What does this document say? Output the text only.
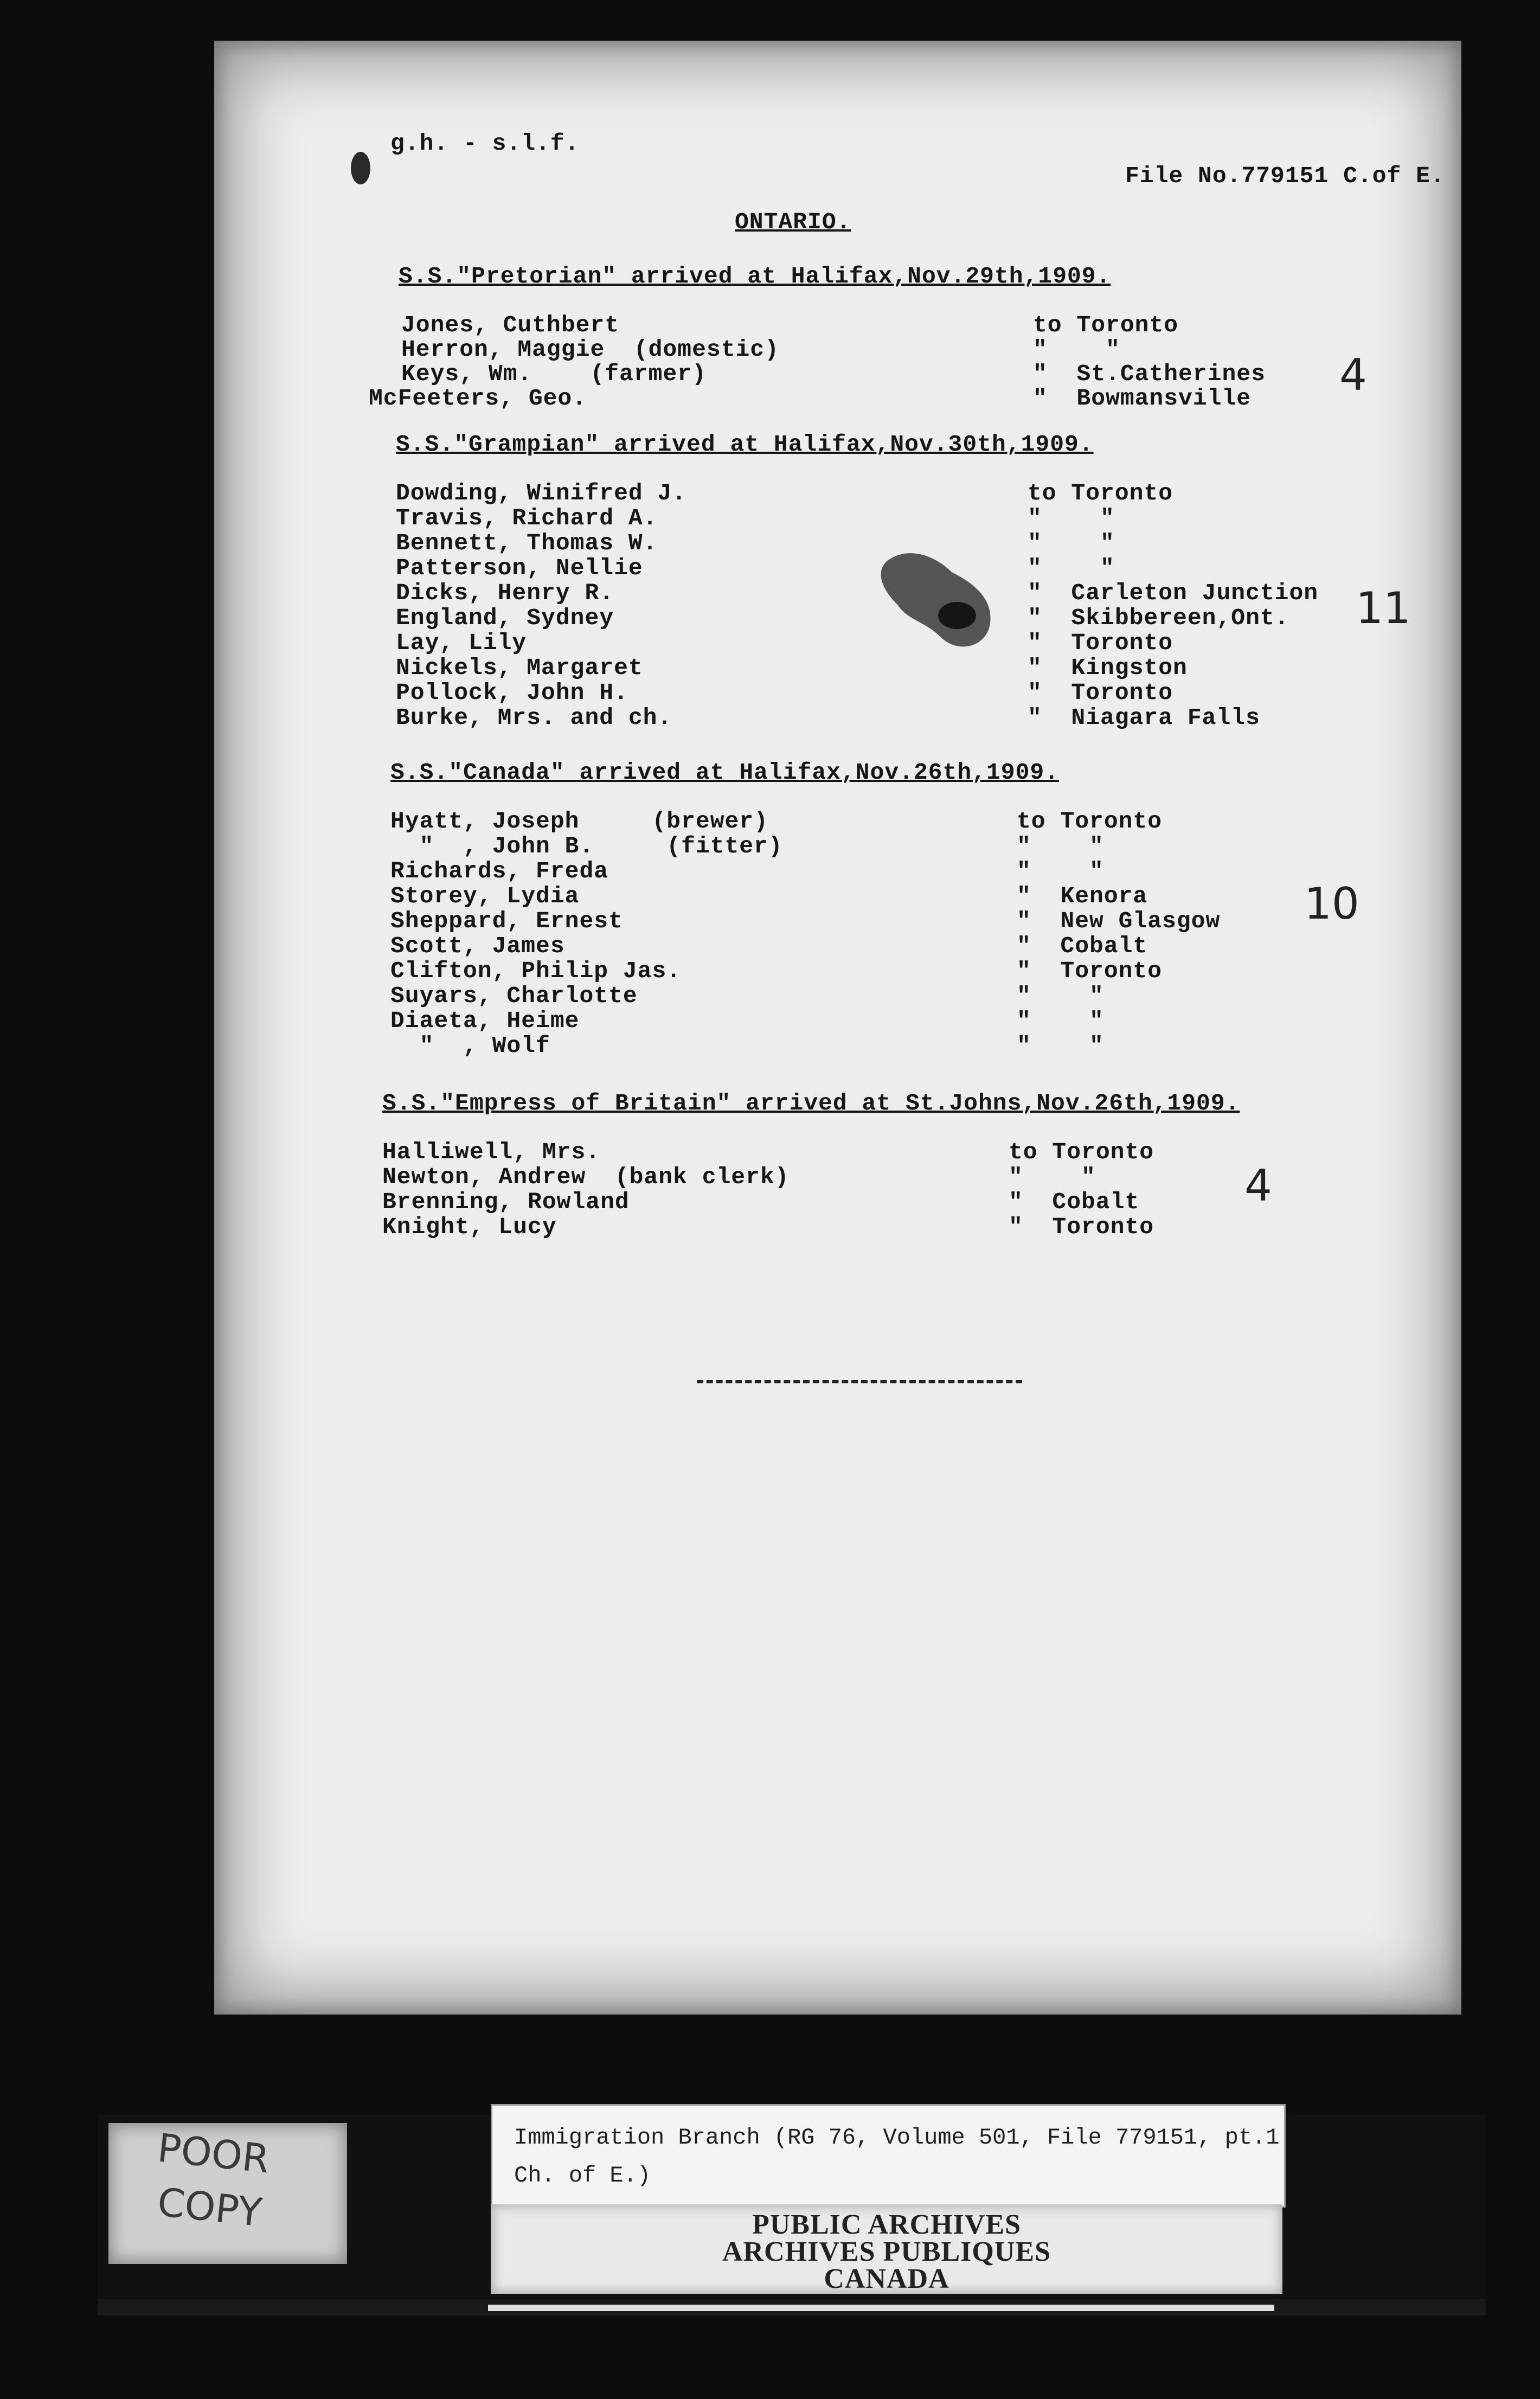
g.h. - s.l.f.
File No.779151 C.of E.
ONTARIO.
S.S."Pretorian" arrived at Halifax,Nov.29th,1909.
Jones, Cuthbert	to Toronto
Herron, Maggie  (domestic)	"    "
Keys, Wm.    (farmer)	"  St.Catherines
McFeeters, Geo.	"  Bowmansville 4
S.S."Grampian" arrived at Halifax,Nov.30th,1909.
Dowding, Winifred J.	to Toronto
Travis, Richard A.	"    "
Bennett, Thomas W.	"    "
Patterson, Nellie	"    "
Dicks, Henry R.	"  Carleton Junction
England, Sydney	"  Skibbereen,Ont.
Lay, Lily	"  Toronto
Nickels, Margaret	"  Kingston
Pollock, John H.	"  Toronto
Burke, Mrs. and ch.	"  Niagara Falls
11
S.S."Canada" arrived at Halifax,Nov.26th,1909.
Hyatt, Joseph     (brewer)	to Toronto
"  , John B.     (fitter)	"    "
Richards, Freda	"    "
Storey, Lydia	"  Kenora
Sheppard, Ernest	"  New Glasgow
Scott, James	"  Cobalt
Clifton, Philip Jas.	"  Toronto
Suyars, Charlotte	"    "
Diaeta, Heime	"    "
"  , Wolf	"    "
10
S.S."Empress of Britain" arrived at St.Johns,Nov.26th,1909.
Halliwell, Mrs.	to Toronto
Newton, Andrew  (bank clerk)	"    "
Brenning, Rowland	"  Cobalt
Knight, Lucy	"  Toronto
4
POOR
COPY
Immigration Branch (RG 76, Volume 501, File 779151, pt.1
Ch. of E.)
PUBLIC ARCHIVES
ARCHIVES PUBLIQUES
CANADA
